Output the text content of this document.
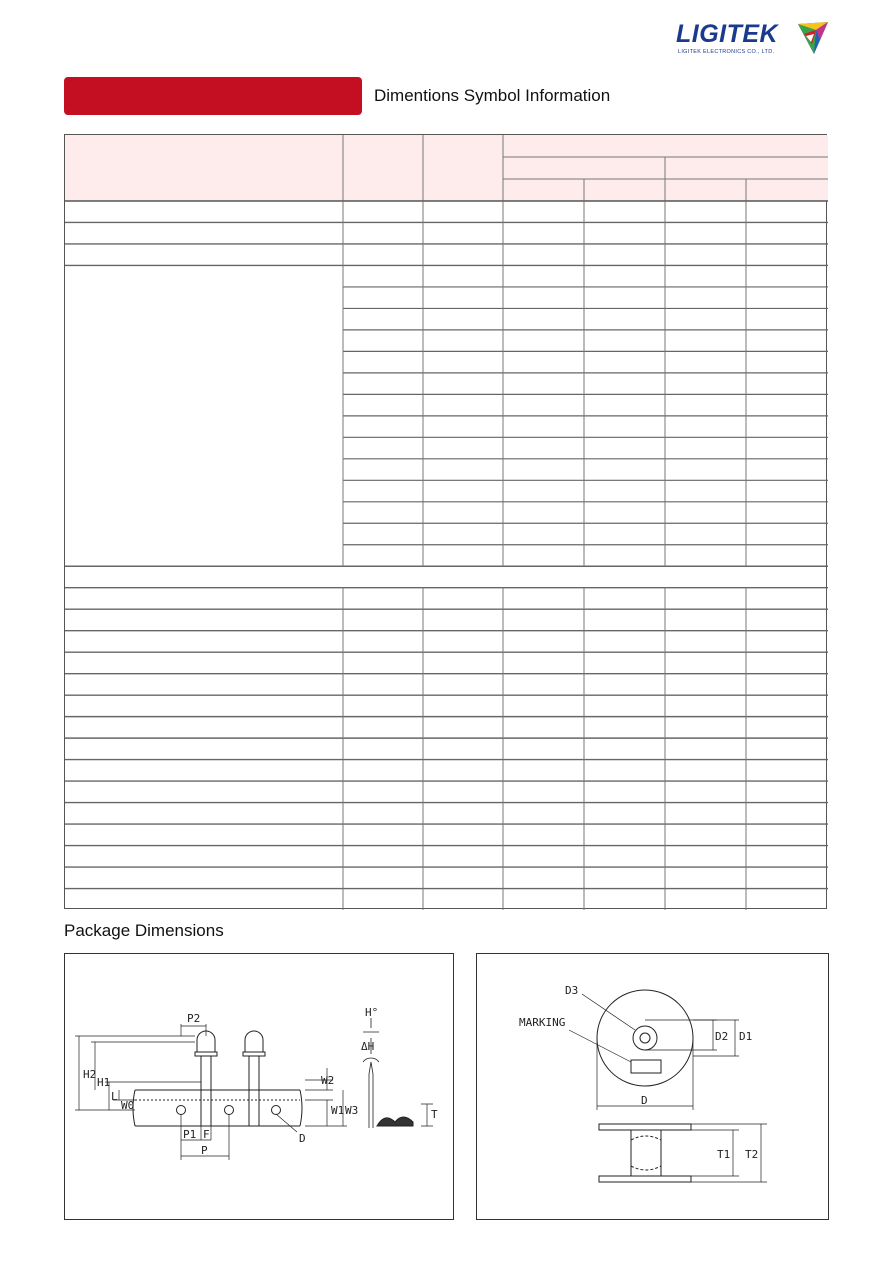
LIGITEK
LIGITEK ELECTRONICS CO., LTD.
Dimentions Symbol Information
Package Dimensions
P2	H°
ΔH
H2
H1
L
W0
W2
W1 W3
P1 F
P
D
T
D3
MARKING
D2 D1
D
T1 T2
